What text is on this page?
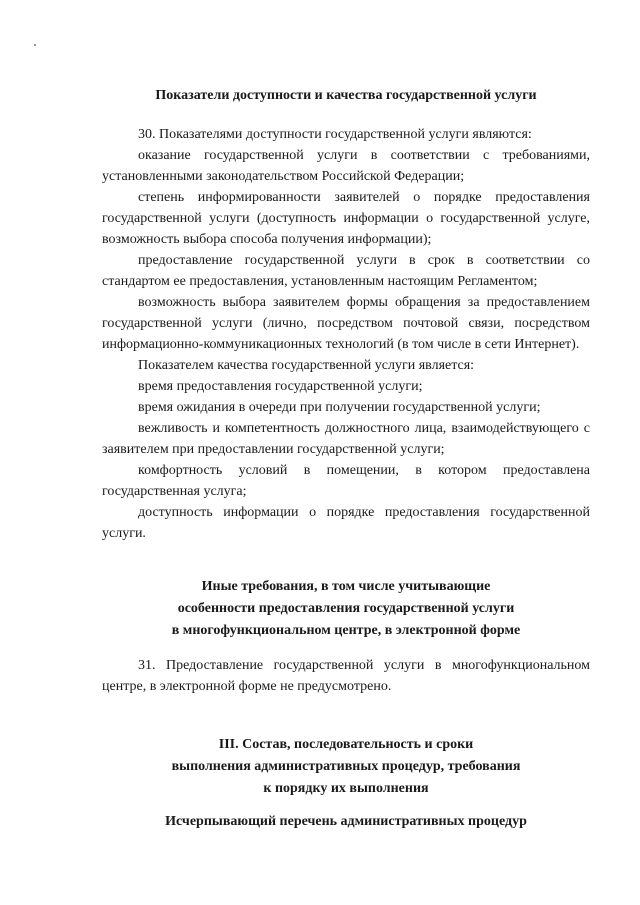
Показатели доступности и качества государственной услуги

30. Показателями доступности государственной услуги являются:

оказание государственной услуги в соответствии с требованиями, установленными законодательством Российской Федерации;

степень информированности заявителей о порядке предоставления государственной услуги (доступность информации о государственной услуге, возможность выбора способа получения информации);

предоставление государственной услуги в срок в соответствии со стандартом ее предоставления, установленным настоящим Регламентом;

возможность выбора заявителем формы обращения за предоставлением государственной услуги (лично, посредством почтовой связи, посредством информационно-коммуникационных технологий (в том числе в сети Интернет).

Показателем качества государственной услуги является:

время предоставления государственной услуги;

время ожидания в очереди при получении государственной услуги;

вежливость и компетентность должностного лица, взаимодействующего с заявителем при предоставлении государственной услуги;

комфортность условий в помещении, в котором предоставлена государственная услуга;

доступность информации о порядке предоставления государственной услуги.

Иные требования, в том числе учитывающие

особенности предоставления государственной услуги

в многофункциональном центре, в электронной форме

31. Предоставление государственной услуги в многофункциональном центре, в электронной форме не предусмотрено.

III. Состав, последовательность и сроки

выполнения административных процедур, требования

к порядку их выполнения

Исчерпывающий перечень административных процедур
